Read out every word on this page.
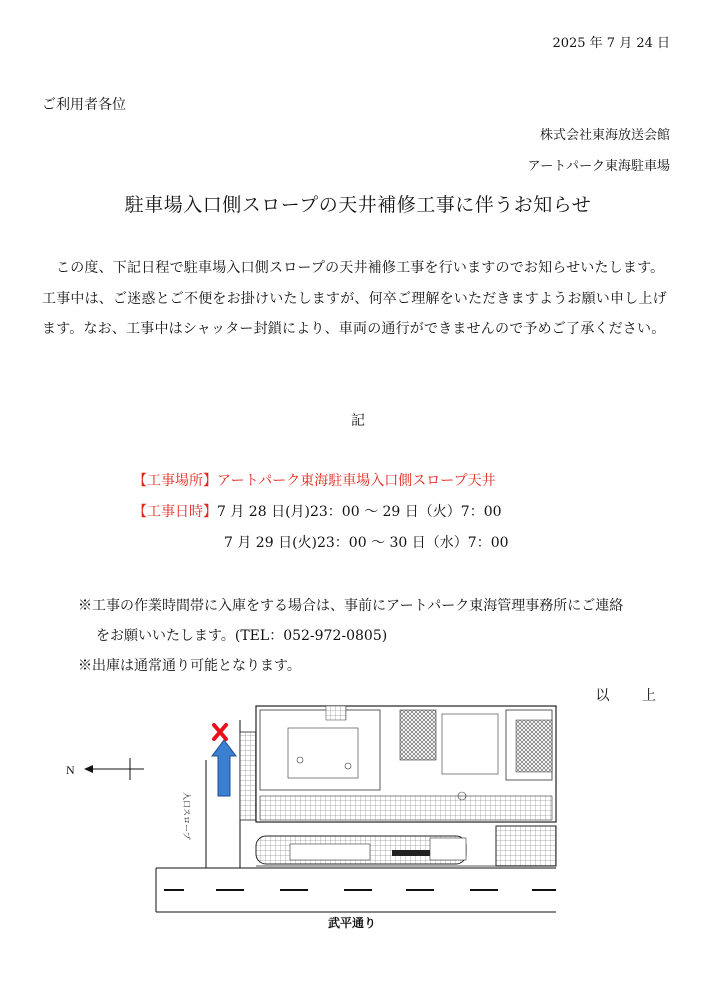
2025 年 7 月 24 日
ご利用者各位
株式会社東海放送会館
アートパーク東海駐車場
駐車場入口側スロープの天井補修工事に伴うお知らせ
この度、下記日程で駐車場入口側スロープの天井補修工事を行いますのでお知らせいたします。工事中は、ご迷惑とご不便をお掛けいたしますが、何卒ご理解をいただきますようお願い申し上げます。なお、工事中はシャッター封鎖により、車両の通行ができませんので予めご了承ください。
記
【工事場所】アートパーク東海駐車場入口側スロープ天井
【工事日時】7 月 28 日(月)23：00 〜 29 日（火）7：00
7 月 29 日(火)23：00 〜 30 日（水）7：00
※工事の作業時間帯に入庫をする場合は、事前にアートパーク東海管理事務所にご連絡
をお願いいたします。(TEL：052-972-0805)
※出庫は通常通り可能となります。
以 上
N
入口スロープ
武平通り
